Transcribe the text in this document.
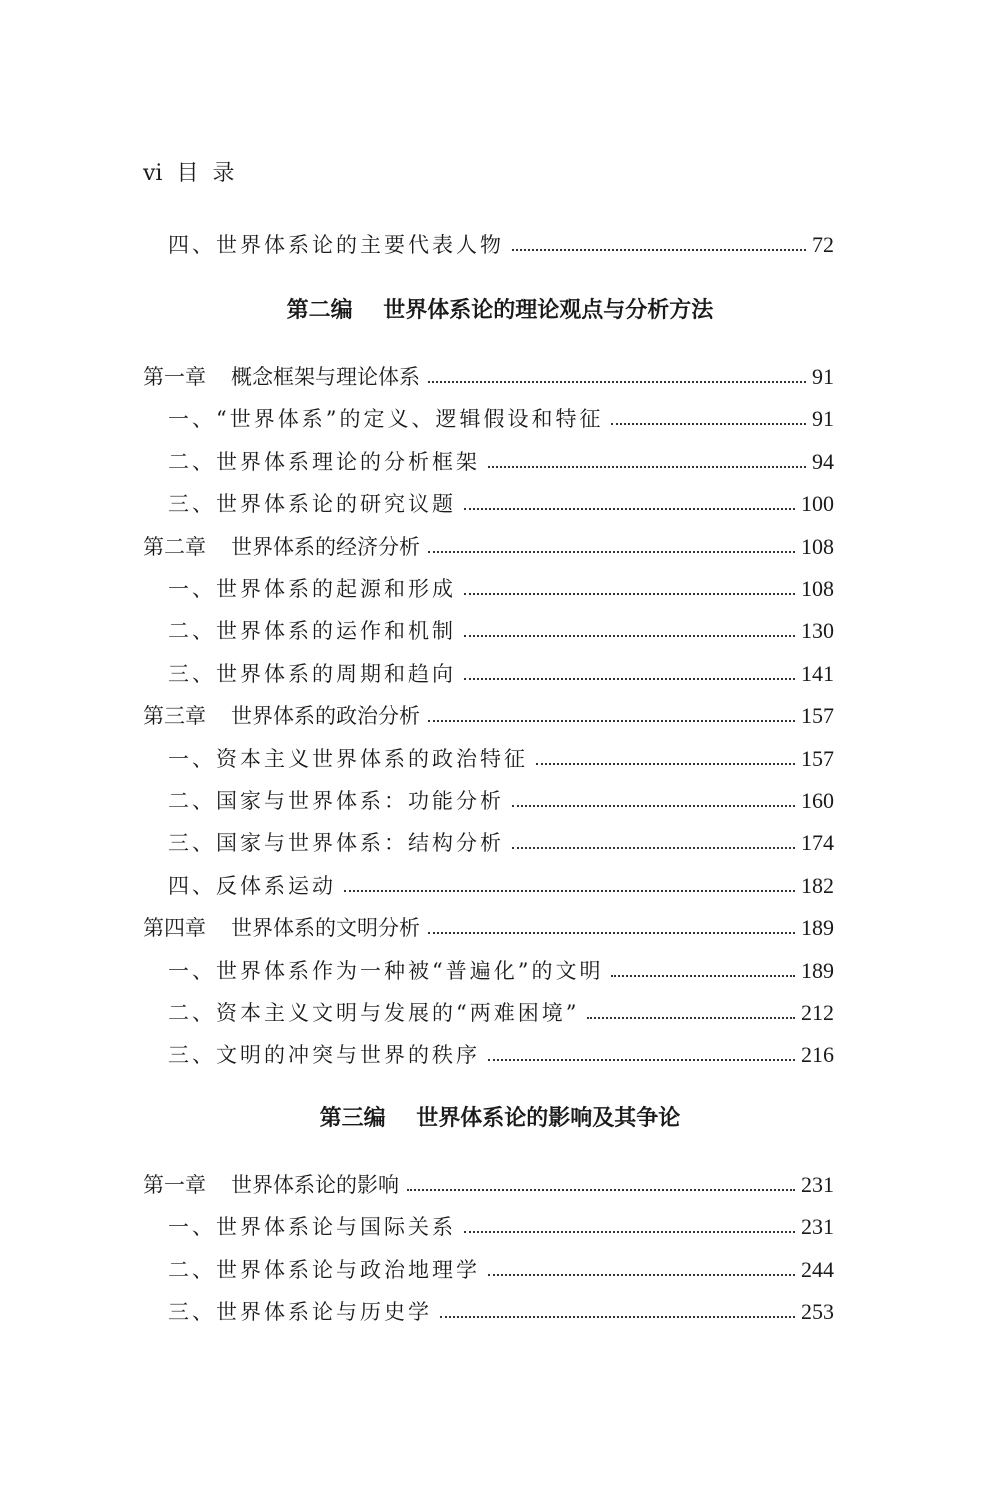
vi  目  录
四、世界体系论的主要代表人物	72
第二编    世界体系论的理论观点与分析方法
第一章 概念框架与理论体系	91
一、“世界体系”的定义、逻辑假设和特征	91
二、世界体系理论的分析框架	94
三、世界体系论的研究议题	100
第二章 世界体系的经济分析	108
一、世界体系的起源和形成	108
二、世界体系的运作和机制	130
三、世界体系的周期和趋向	141
第三章 世界体系的政治分析	157
一、资本主义世界体系的政治特征	157
二、国家与世界体系：功能分析	160
三、国家与世界体系：结构分析	174
四、反体系运动	182
第四章 世界体系的文明分析	189
一、世界体系作为一种被“普遍化”的文明	189
二、资本主义文明与发展的“两难困境”	212
三、文明的冲突与世界的秩序	216
第三编    世界体系论的影响及其争论
第一章 世界体系论的影响	231
一、世界体系论与国际关系	231
二、世界体系论与政治地理学	244
三、世界体系论与历史学	253
